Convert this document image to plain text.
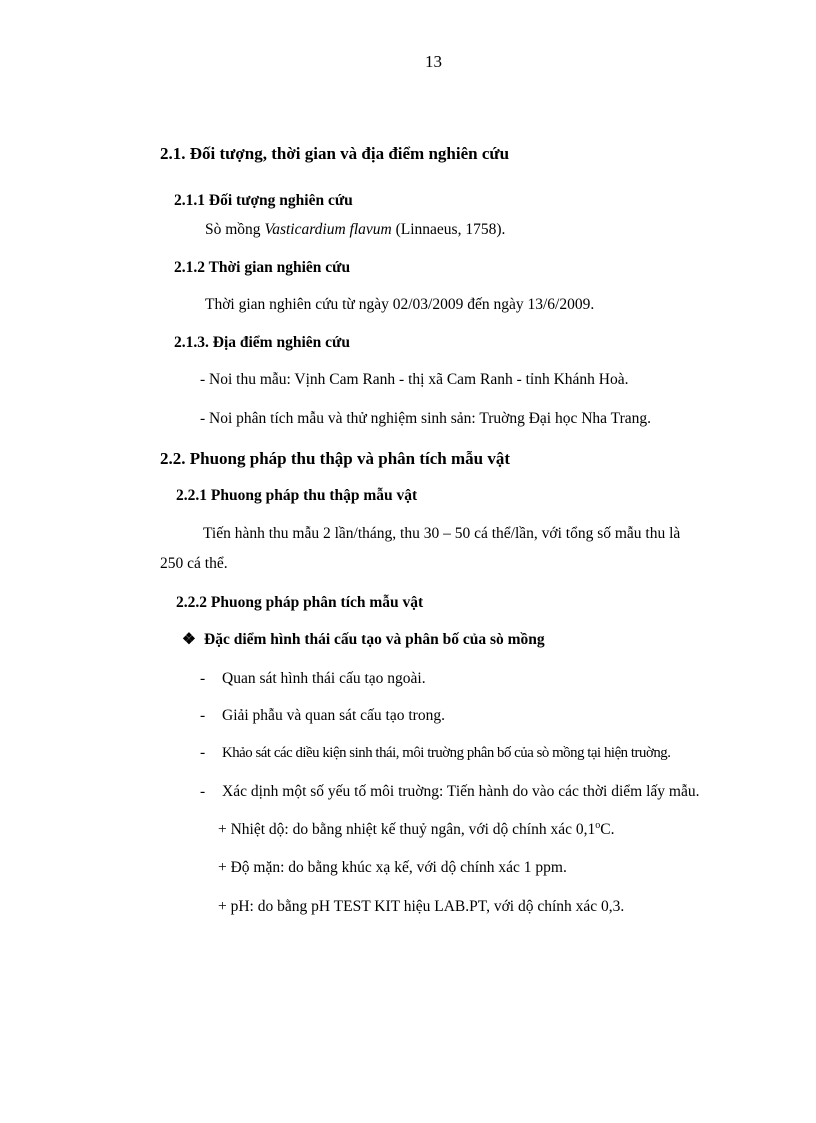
13
2.1. Đối tượng, thời gian và địa điểm nghiên cứu
2.1.1 Đối tượng nghiên cứu
Sò mồng Vasticardium flavum (Linnaeus, 1758).
2.1.2 Thời gian nghiên cứu
Thời gian nghiên cứu từ ngày 02/03/2009 đến ngày 13/6/2009.
2.1.3. Địa điểm nghiên cứu
- Noi thu mẫu: Vịnh Cam Ranh - thị xã Cam Ranh - tỉnh Khánh Hoà.
- Noi phân tích mẫu và thử nghiệm sinh sản: Truờng Đại học Nha Trang.
2.2. Phuong pháp thu thập và phân tích mẫu vật
2.2.1 Phuong pháp thu thập mẫu vật
Tiến hành thu mẫu 2 lần/tháng, thu 30 – 50 cá thể/lần, với tổng số mẫu thu là
250 cá thể.
2.2.2 Phuong pháp phân tích mẫu vật
❖ Đặc diểm hình thái cấu tạo và phân bố của sò mồng
- Quan sát hình thái cấu tạo ngoài.
- Giải phẫu và quan sát cấu tạo trong.
- Khảo sát các diều kiện sinh thái, môi truờng phân bố của sò mồng tại hiện truờng.
- Xác dịnh một số yếu tố môi truờng: Tiến hành do vào các thời diểm lấy mẫu.
+ Nhiệt dộ: do bằng nhiệt kế thuỷ ngân, với dộ chính xác $0,1^oC$.
+ Độ mặn: do bằng khúc xạ kế, với dộ chính xác 1 ppm.
+ pH: do bằng pH TEST KIT hiệu LAB.PT, với dộ chính xác 0,3.
